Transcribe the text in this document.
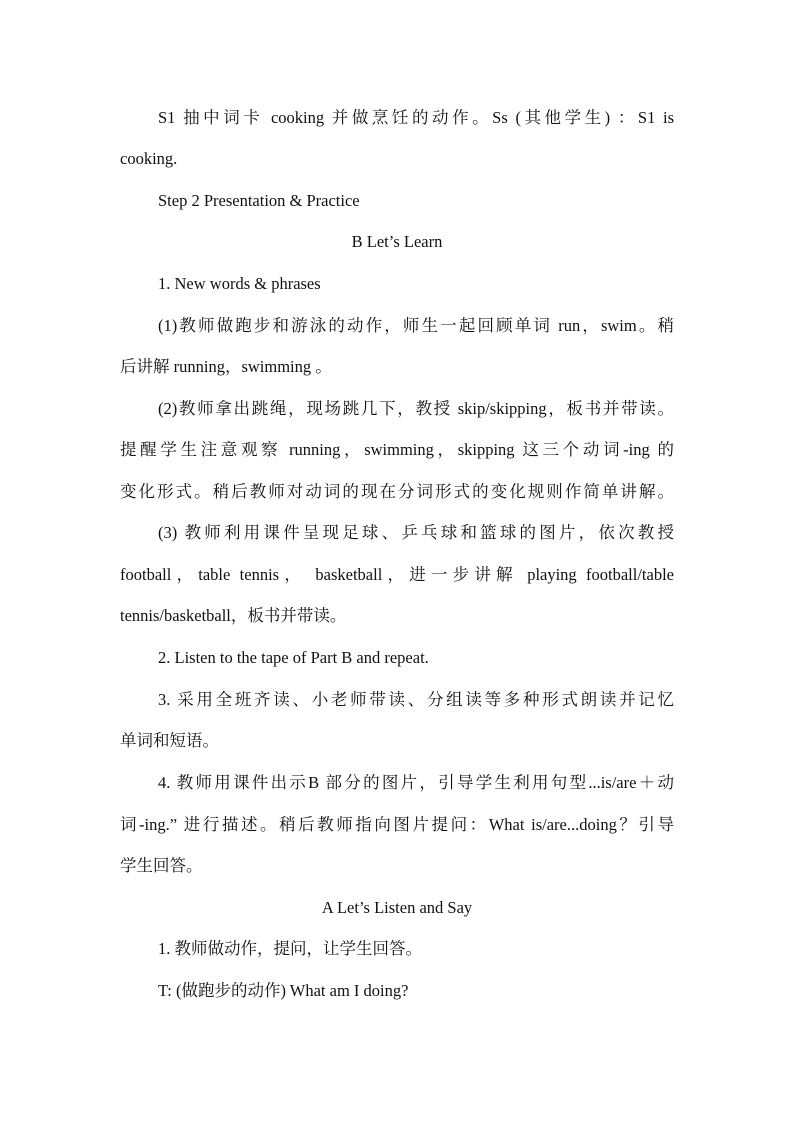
S1 抽中词卡 cooking 并做烹饪的动作。Ss (其他学生) ：S1 is
cooking.
Step 2 Presentation & Practice
B Let’s Learn
1. New words & phrases
(1)教师做跑步和游泳的动作，师生一起回顾单词 run，swim。稍
后讲解 running，swimming 。
(2)教师拿出跳绳，现场跳几下，教授 skip/skipping，板书并带读。
提醒学生注意观察 running，swimming，skipping 这三个动词-ing 的
变化形式。稍后教师对动词的现在分词形式的变化规则作简单讲解。
(3) 教师利用课件呈现足球、乒乓球和篮球的图片，依次教授
football，table tennis， basketball，进一步讲解 playing football/table
tennis/basketball，板书并带读。
2. Listen to the tape of Part B and repeat.
3. 采用全班齐读、小老师带读、分组读等多种形式朗读并记忆
单词和短语。
4. 教师用课件出示B 部分的图片，引导学生利用句型...is/are＋动
词-ing.” 进行描述。稍后教师指向图片提问：What is/are...doing？引导
学生回答。
A Let’s Listen and Say
1. 教师做动作，提问，让学生回答。
T: (做跑步的动作) What am I doing?
